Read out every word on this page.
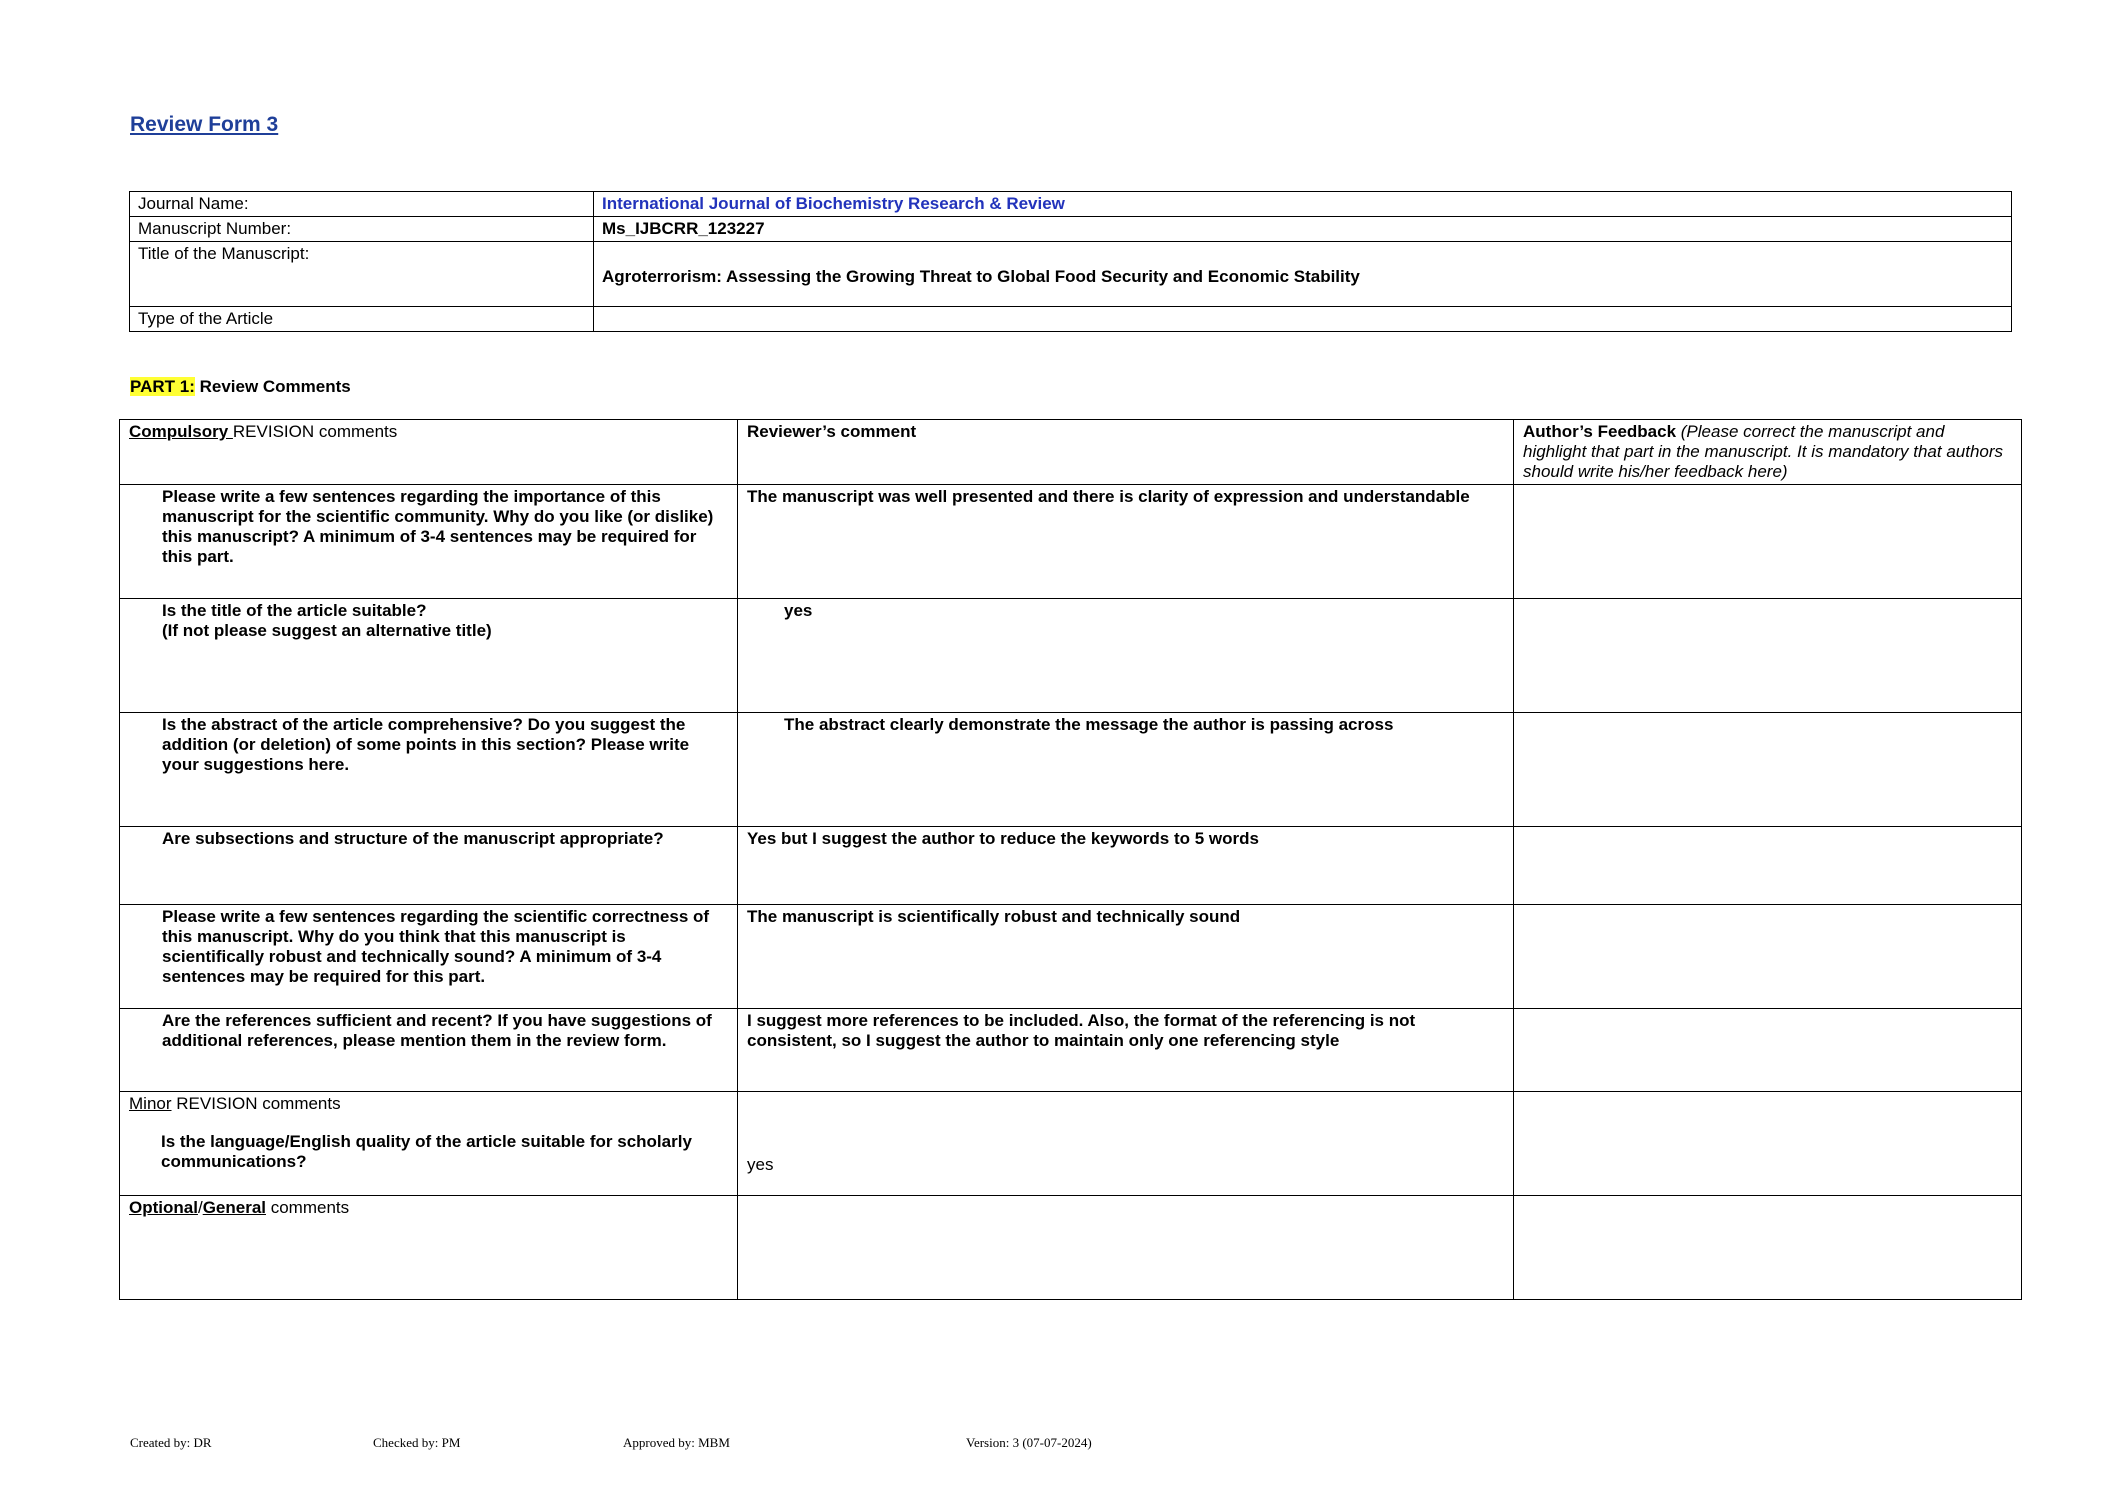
Review Form 3
Journal Name:	International Journal of Biochemistry Research & Review
Manuscript Number:	Ms_IJBCRR_123227
Title of the Manuscript:	Agroterrorism: Assessing the Growing Threat to Global Food Security and Economic Stability
Type of the Article	
PART 1: Review Comments
Compulsory REVISION comments	Reviewer’s comment	Author’s Feedback (Please correct the manuscript and highlight that part in the manuscript. It is mandatory that authors should write his/her feedback here)
Please write a few sentences regarding the importance of this manuscript for the scientific community. Why do you like (or dislike) this manuscript? A minimum of 3-4 sentences may be required for this part.	The manuscript was well presented and there is clarity of expression and understandable	
Is the title of the article suitable?
(If not please suggest an alternative title)	yes	
Is the abstract of the article comprehensive? Do you suggest the addition (or deletion) of some points in this section? Please write your suggestions here.	The abstract clearly demonstrate the message the author is passing across	
Are subsections and structure of the manuscript appropriate?	Yes but I suggest the author to reduce the keywords to 5 words	
Please write a few sentences regarding the scientific correctness of this manuscript. Why do you think that this manuscript is scientifically robust and technically sound? A minimum of 3-4 sentences may be required for this part.	The manuscript is scientifically robust and technically sound	
Are the references sufficient and recent? If you have suggestions of additional references, please mention them in the review form.	I suggest more references to be included. Also, the format of the referencing is not consistent, so I suggest the author to maintain only one referencing style	

Minor REVISION comments
Is the language/English quality of the article suitable for scholarly communications?	yes	
Optional/General comments		
Created by: DR	Checked by: PM	Approved by: MBM	Version: 3 (07-07-2024)
